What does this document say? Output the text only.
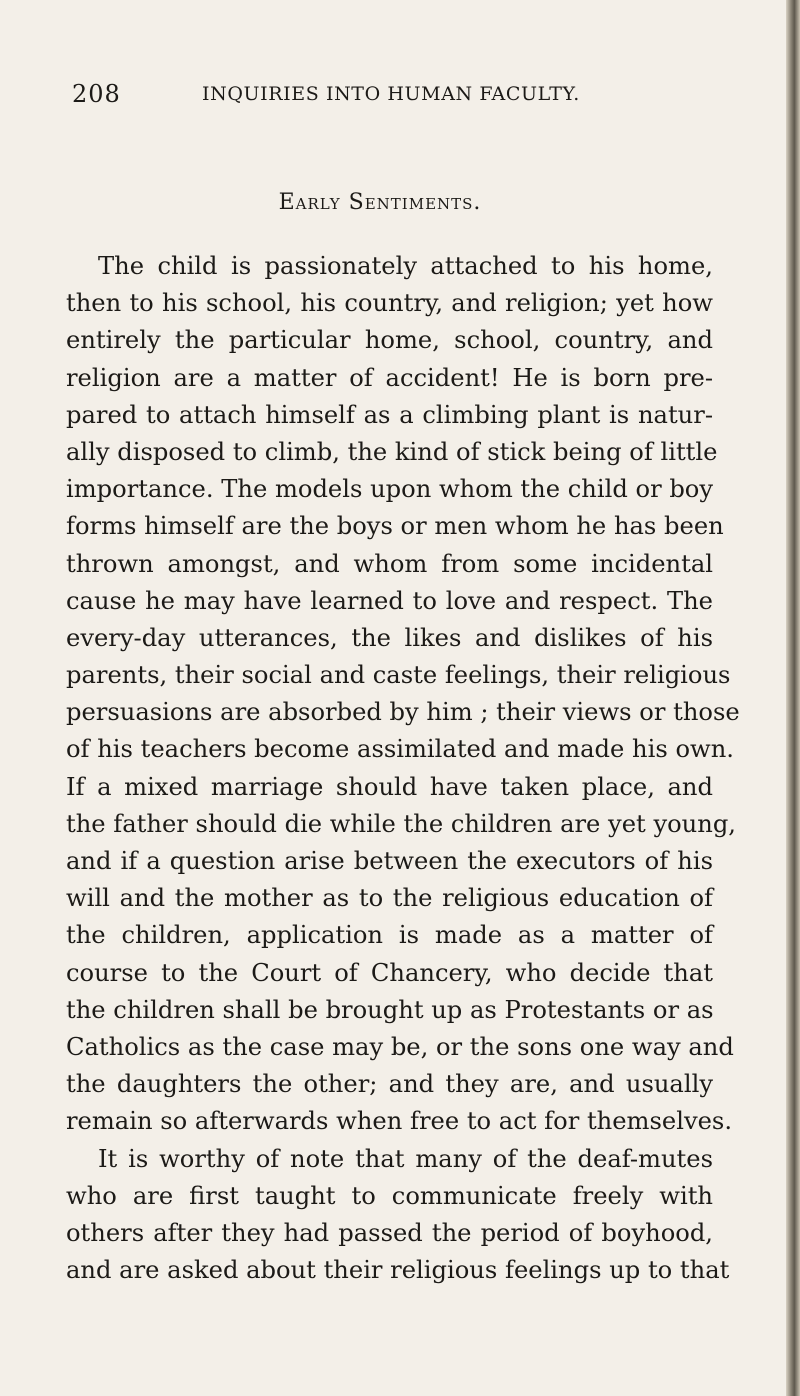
208	INQUIRIES INTO HUMAN FACULTY.
Early Sentiments.
The child is passionately attached to his home,
then to his school, his country, and religion; yet how
entirely the particular home, school, country, and
religion are a matter of accident! He is born pre-
pared to attach himself as a climbing plant is natur-
ally disposed to climb, the kind of stick being of little
importance. The models upon whom the child or boy
forms himself are the boys or men whom he has been
thrown amongst, and whom from some incidental
cause he may have learned to love and respect. The
every-day utterances, the likes and dislikes of his
parents, their social and caste feelings, their religious
persuasions are absorbed by him ; their views or those
of his teachers become assimilated and made his own.
If a mixed marriage should have taken place, and
the father should die while the children are yet young,
and if a question arise between the executors of his
will and the mother as to the religious education of
the children, application is made as a matter of
course to the Court of Chancery, who decide that
the children shall be brought up as Protestants or as
Catholics as the case may be, or the sons one way and
the daughters the other; and they are, and usually
remain so afterwards when free to act for themselves.
It is worthy of note that many of the deaf-mutes
who are first taught to communicate freely with
others after they had passed the period of boyhood,
and are asked about their religious feelings up to that
